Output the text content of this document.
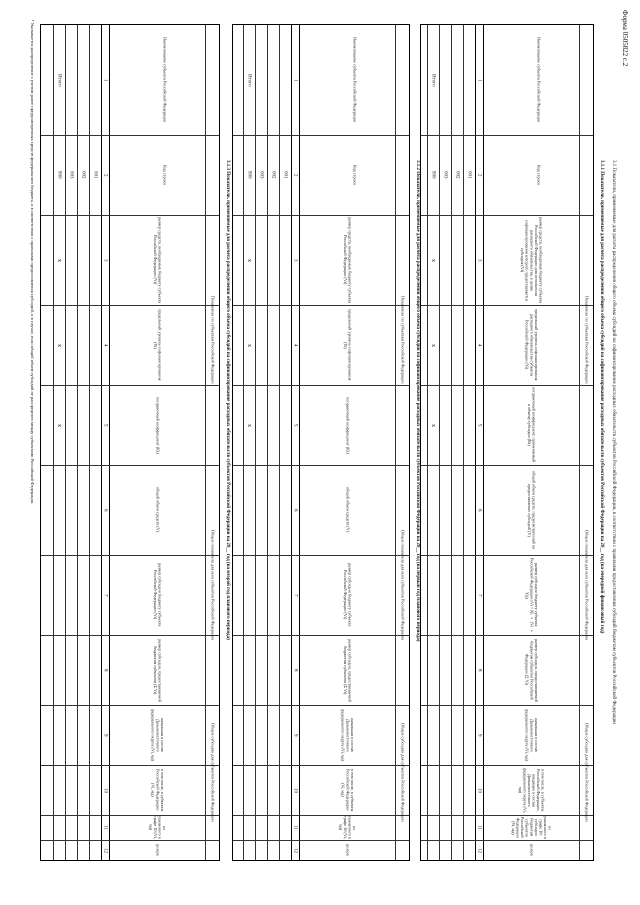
Форма 0505822 с.2
3.1 Показатели, применяемые для расчета распределения общего объема субсидий на софинансирование расходных обязательств субъектов Российской Федерации, в соответствии с правилами предоставления субсидий бюджетам субъектов Российской Федерации
3.1.1 Показатели, применяемые для расчета распределения общего объема субсидий на софинансирование расходных обязательств субъектов Российской Федерации на 20__ год (на очередной финансовый год)
Показатели по субъектам Российской Федерации
Общие показатели для всех субъектов Российской Федерации
Общие субсидии для субъектов Российской Федерации
Наименование субъекта Российской Федерации
Код строки
размер средств, необходимых бюджету субъекта Российской Федерации для исполнения расходного обязательства, в целях софинансирования которого предоставляется субсидия (Vi)
предельный уровень софинансирования расходного обязательства субъекта Российской Федерации (Yi)
поправочный коэффициент, применяемый к объему субсидии (Ki)
общий объем средств, предусмотренный на предоставление субсидий (V)
размер субсидии бюджету субъекта Российской Федерации (Vi = Ki × (Vi × Yi))
размер субсидии, предоставляемой бюджетам субъектов Российской Федерации (Σ Vi)
начальная в состав Дальневосточного федерального округа (Vi, мд)
в том числе, в субъекты Российской Федерации, входящие в состав Дальневосточного федерального округа (Vi, мд)
из указанного в графе 10: субсидии бюджетам субъектов Российской Федерации (Vi, мд)
резерв
1
2
3
4
5
6
7
8
9
10
11
12
001
002
003
Итого
900
x
x
x
3.1.2 Показатели, применяемые для расчета распределения общего объема субсидий на софинансирование расходных обязательств субъектов Российской Федерации на 20__ год (на первый год планового периода)
Показатели по субъектам Российской Федерации
Общие показатели для всех субъектов Российской Федерации
Общие субсидии для субъектов Российской Федерации
Наименование субъекта Российской Федерации
Код строки
размер средств, необходимых бюджету субъекта Российской Федерации (Vi)
предельный уровень софинансирования (Yi)
поправочный коэффициент (Ki)
общий объем средств (V)
размер субсидии бюджету субъекта Российской Федерации (Vi)
размер субсидии, предоставляемой бюджетам субъектов (Σ Vi)
начальная в состав Дальневосточного федерального округа (Vi, мд)
в том числе, в субъекты Российской Федерации (Vi, мд)
из указанного в графе 10 (Vi, мд)
резерв
1
2
3
4
5
6
7
8
9
10
11
12
001
002
003
Итого
900
x
x
x
3.1.3 Показатели, применяемые для расчета распределения общего объема субсидий на софинансирование расходных обязательств субъектов Российской Федерации на 20__ год (на второй год планового периода)
Показатели по субъектам Российской Федерации
Общие показатели для всех субъектов Российской Федерации
Общие субсидии для субъектов Российской Федерации
Наименование субъекта Российской Федерации
Код строки
размер средств, необходимых бюджету субъекта Российской Федерации (Vi)
предельный уровень софинансирования (Yi)
поправочный коэффициент (Ki)
общий объем средств (V)
размер субсидии бюджету субъекта Российской Федерации (Vi)
размер субсидии, предоставляемой бюджетам субъектов (Σ Vi)
начальная в состав Дальневосточного федерального округа (Vi, мд)
в том числе, в субъекты Российской Федерации (Vi, мд)
из указанного в графе 10 (Vi, мд)
резерв
1
2
3
4
5
6
7
8
9
10
11
12
001
002
003
Итого
900
x
x
x
¹ Указывается распределение с учетом ранее предусмотренных средств федерального бюджета, и в соответствии с правилами предоставления субсидий, и в случае, если общий объем субсидий не распределен между субъектами Российской Федерации.
